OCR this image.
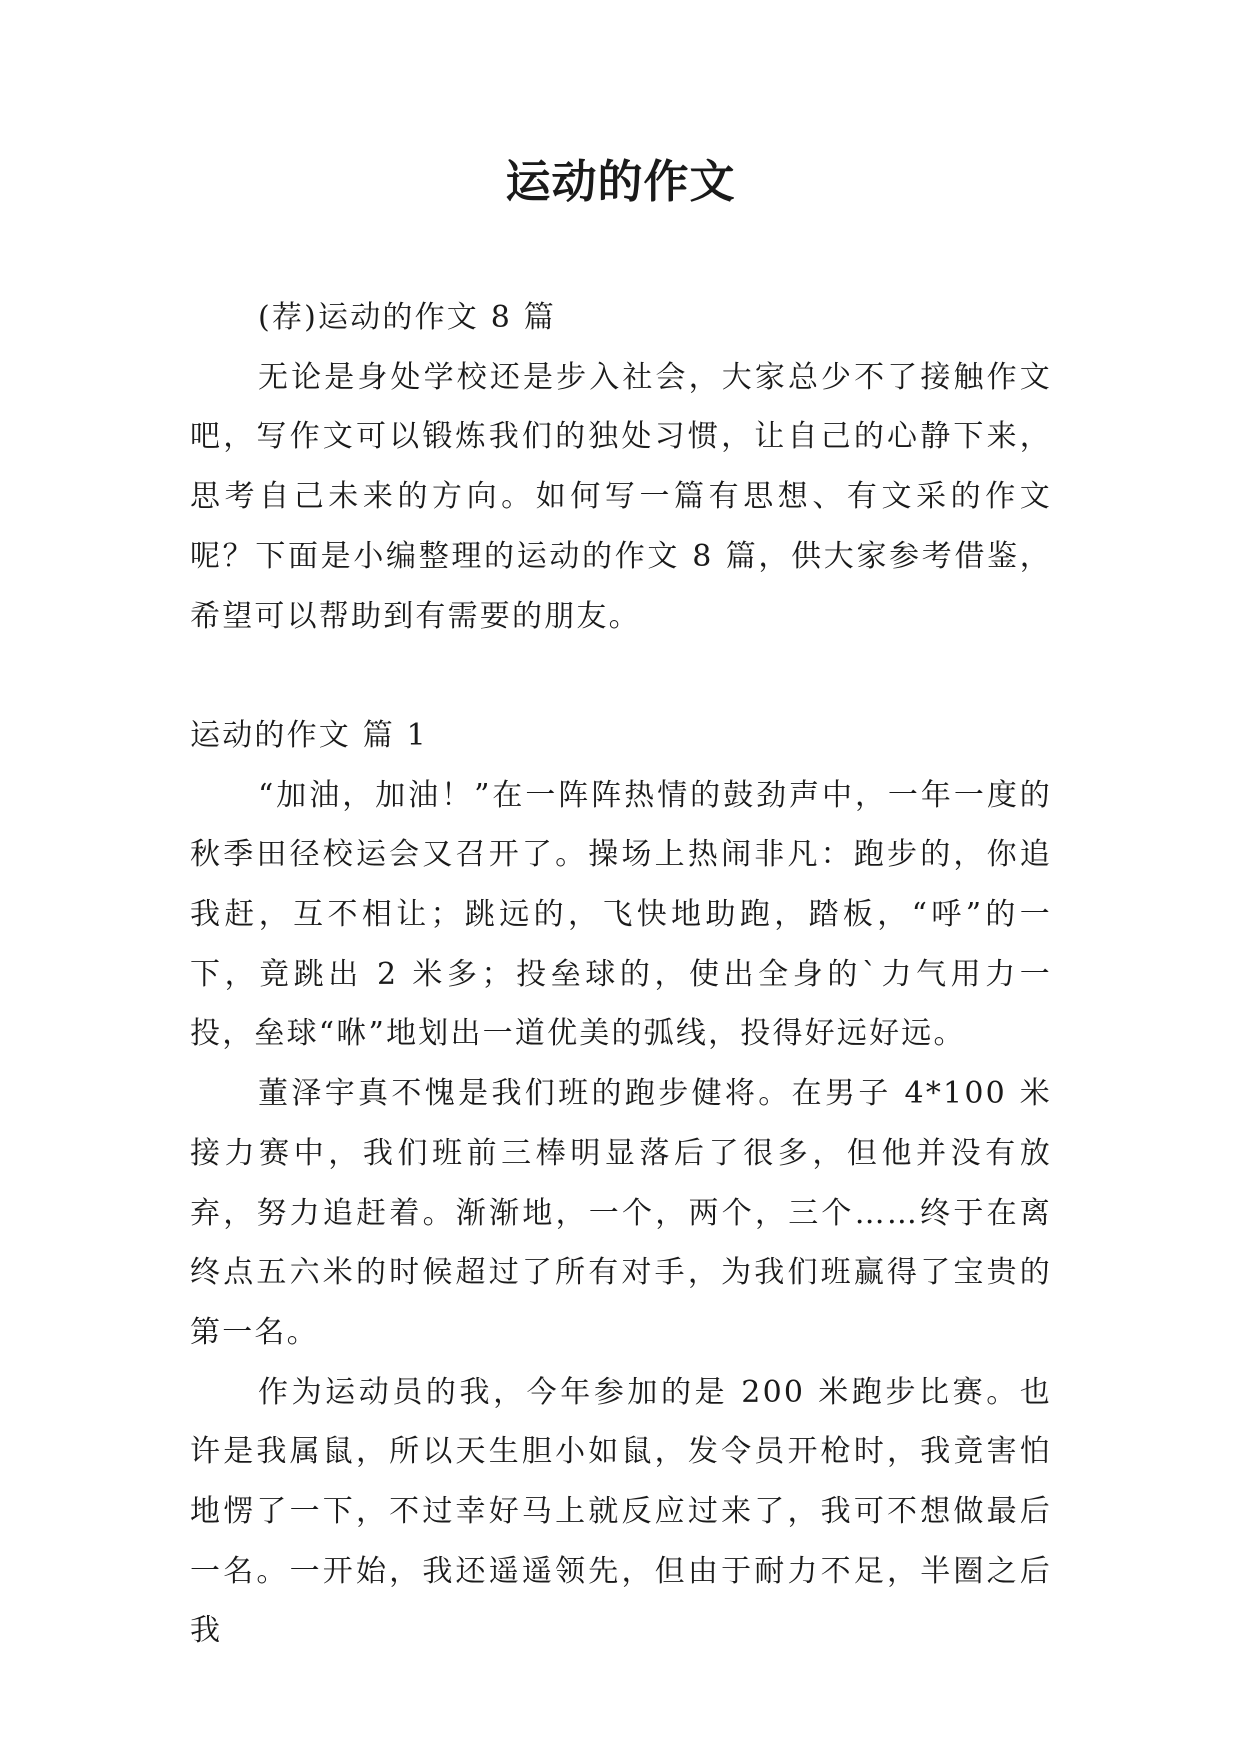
运动的作文

(荐)运动的作文 8 篇

无论是身处学校还是步入社会，大家总少不了接触作文吧，写作文可以锻炼我们的独处习惯，让自己的心静下来，思考自己未来的方向。如何写一篇有思想、有文采的作文呢？下面是小编整理的运动的作文 8 篇，供大家参考借鉴，希望可以帮助到有需要的朋友。

运动的作文 篇 1

“加油，加油！”在一阵阵热情的鼓劲声中，一年一度的秋季田径校运会又召开了。操场上热闹非凡：跑步的，你追我赶，互不相让；跳远的，飞快地助跑，踏板，“呼”的一下，竟跳出 2 米多；投垒球的，使出全身的`力气用力一投，垒球“咻”地划出一道优美的弧线，投得好远好远。

董泽宇真不愧是我们班的跑步健将。在男子 4*100 米接力赛中，我们班前三棒明显落后了很多，但他并没有放弃，努力追赶着。渐渐地，一个，两个，三个……终于在离终点五六米的时候超过了所有对手，为我们班赢得了宝贵的第一名。

作为运动员的我，今年参加的是 200 米跑步比赛。也许是我属鼠，所以天生胆小如鼠，发令员开枪时，我竟害怕地愣了一下，不过幸好马上就反应过来了，我可不想做最后一名。一开始，我还遥遥领先，但由于耐力不足，半圈之后我
